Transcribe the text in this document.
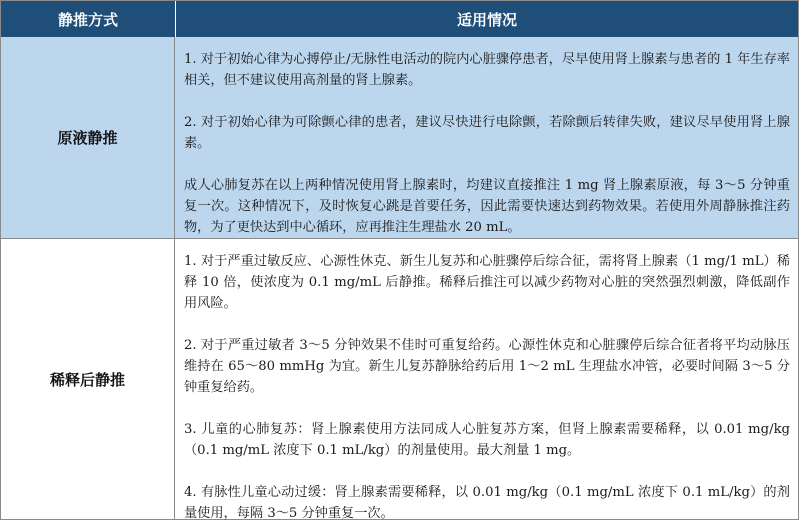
静推方式	适用情况
原液静推

1. 对于初始心律为心搏停止/无脉性电活动的院内心脏骤停患者，尽早使用肾上腺素与患者的 1 年生存率相关，但不建议使用高剂量的肾上腺素。

2. 对于初始心律为可除颤心律的患者，建议尽快进行电除颤，若除颤后转律失败，建议尽早使用肾上腺素。

成人心肺复苏在以上两种情况使用肾上腺素时，均建议直接推注 1 mg 肾上腺素原液，每 3～5 分钟重复一次。这种情况下，及时恢复心跳是首要任务，因此需要快速达到药物效果。若使用外周静脉推注药物，为了更快达到中心循环，应再推注生理盐水 20 mL。

稀释后静推

1. 对于严重过敏反应、心源性休克、新生儿复苏和心脏骤停后综合征，需将肾上腺素（1 mg/1 mL）稀释 10 倍，使浓度为 0.1 mg/mL 后静推。稀释后推注可以减少药物对心脏的突然强烈刺激，降低副作用风险。

2. 对于严重过敏者 3～5 分钟效果不佳时可重复给药。心源性休克和心脏骤停后综合征者将平均动脉压维持在 65～80 mmHg 为宜。新生儿复苏静脉给药后用 1～2 mL 生理盐水冲管，必要时间隔 3～5 分钟重复给药。

3. 儿童的心肺复苏：肾上腺素使用方法同成人心脏复苏方案，但肾上腺素需要稀释，以 0.01 mg/kg（0.1 mg/mL 浓度下 0.1 mL/kg）的剂量使用。最大剂量 1 mg。

4. 有脉性儿童心动过缓：肾上腺素需要稀释，以 0.01 mg/kg（0.1 mg/mL 浓度下 0.1 mL/kg）的剂量使用，每隔 3～5 分钟重复一次。
